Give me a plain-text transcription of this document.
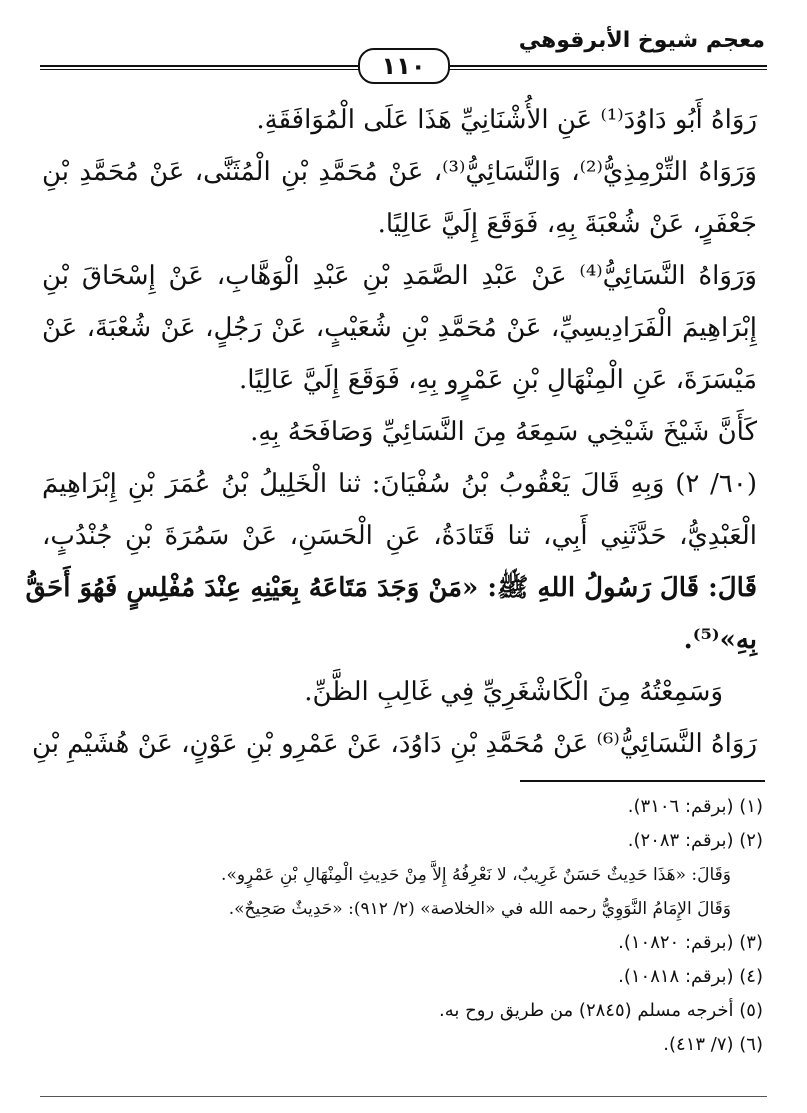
معجم شيوخ الأبرقوهي
١١٠
رَوَاهُ أَبُو دَاوُدَ⁽¹⁾ عَنِ الأُشْنَانِيِّ هَذَا عَلَى الْمُوَافَقَةِ.
وَرَوَاهُ التِّرْمِذِيُّ⁽²⁾، وَالنَّسَائِيُّ⁽³⁾، عَنْ مُحَمَّدِ بْنِ الْمُثَنَّى، عَنْ مُحَمَّدِ بْنِ
جَعْفَرٍ، عَنْ شُعْبَةَ بِهِ، فَوَقَعَ إِلَيَّ عَالِيًا.
وَرَوَاهُ النَّسَائِيُّ⁽⁴⁾ عَنْ عَبْدِ الصَّمَدِ بْنِ عَبْدِ الْوَهَّابِ، عَنْ إِسْحَاقَ بْنِ
إِبْرَاهِيمَ الْفَرَادِيسِيِّ، عَنْ مُحَمَّدِ بْنِ شُعَيْبٍ، عَنْ رَجُلٍ، عَنْ شُعْبَةَ، عَنْ
مَيْسَرَةَ، عَنِ الْمِنْهَالِ بْنِ عَمْرٍو بِهِ، فَوَقَعَ إِلَيَّ عَالِيًا.
كَأَنَّ شَيْخَ شَيْخِي سَمِعَهُ مِنَ النَّسَائِيِّ وَصَافَحَهُ بِهِ.
(٦٠/ ٢) وَبِهِ قَالَ يَعْقُوبُ بْنُ سُفْيَانَ: ثنا الْخَلِيلُ بْنُ عُمَرَ بْنِ إِبْرَاهِيمَ
الْعَبْدِيُّ، حَدَّثَنِي أَبِي، ثنا قَتَادَةُ، عَنِ الْحَسَنِ، عَنْ سَمُرَةَ بْنِ جُنْدُبٍ،
قَالَ: قَالَ رَسُولُ اللهِ ﷺ: «مَنْ وَجَدَ مَتَاعَهُ بِعَيْنِهِ عِنْدَ مُفْلِسٍ فَهُوَ أَحَقُّ
بِهِ»⁽⁵⁾.
وَسَمِعْتُهُ مِنَ الْكَاشْغَرِيِّ فِي غَالِبِ الظَّنِّ.
رَوَاهُ النَّسَائِيُّ⁽⁶⁾ عَنْ مُحَمَّدِ بْنِ دَاوُدَ، عَنْ عَمْرِو بْنِ عَوْنٍ، عَنْ هُشَيْمِ بْنِ
(١) (برقم: ٣١٠٦).
(٢) (برقم: ٢٠٨٣).
وَقَالَ: «هَذَا حَدِيثٌ حَسَنٌ غَرِيبٌ، لا نَعْرِفُهُ إِلاَّ مِنْ حَدِيثِ الْمِنْهَالِ بْنِ عَمْرٍو».
وَقَالَ الإِمَامُ النَّوَوِيُّ رحمه الله في «الخلاصة» (٢/ ٩١٢): «حَدِيثٌ صَحِيحٌ».
(٣) (برقم: ١٠٨٢٠).
(٤) (برقم: ١٠٨١٨).
(٥) أخرجه مسلم (٢٨٤٥) من طريق روح به.
(٦) (٧/ ٤١٣).
